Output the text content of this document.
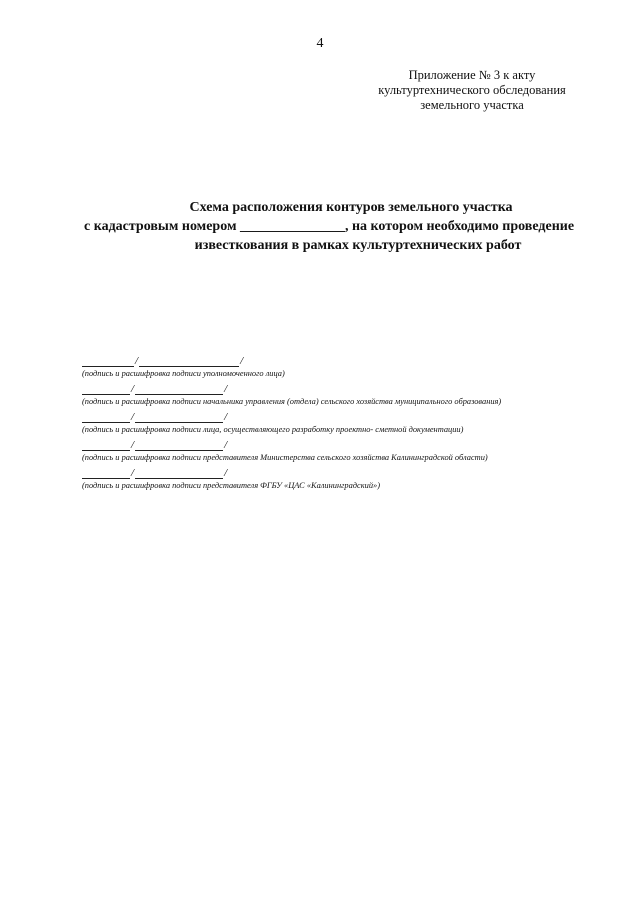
4
Приложение № 3 к акту
культуртехнического обследования
земельного участка
Схема расположения контуров земельного участка
с кадастровым номером _______________, на котором необходимо проведение
известкования в рамках культуртехнических работ
/	/
(подпись и расшифровка подписи уполномоченного лица)
/	/
(подпись и расшифровка подписи начальника управления (отдела) сельского хозяйства муниципального образования)
/	/
(подпись и расшифровка подписи лица, осуществляющего разработку проектно- сметной документации)
/	/
(подпись и расшифровка подписи представителя Министерства сельского хозяйства Калининградской области)
/	/
(подпись и расшифровка подписи представителя ФГБУ «ЦАС «Калининградский»)
